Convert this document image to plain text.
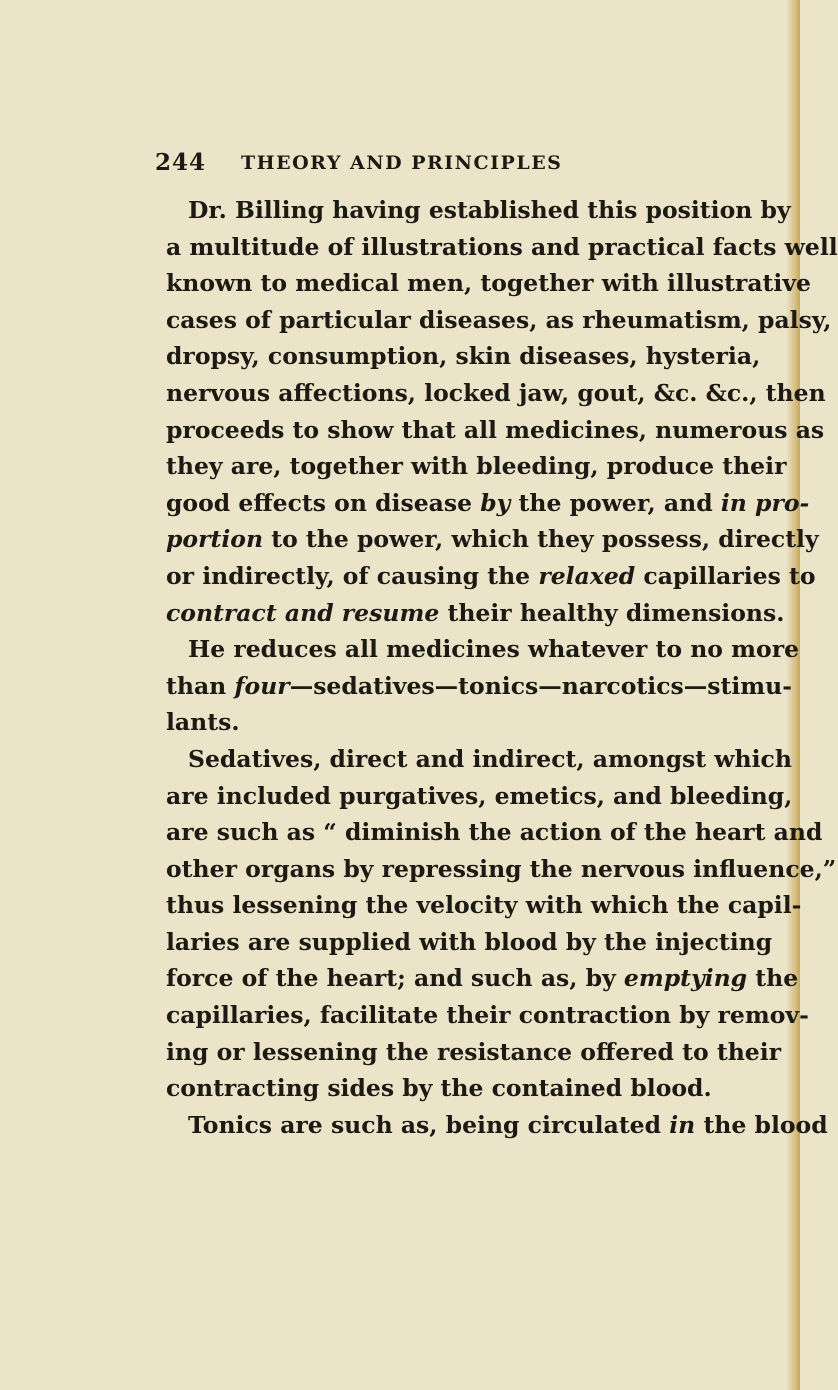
244 THEORY AND PRINCIPLES
Dr. Billing having established this position by
a multitude of illustrations and practical facts well
known to medical men, together with illustrative
cases of particular diseases, as rheumatism, palsy,
dropsy, consumption, skin diseases, hysteria,
nervous affections, locked jaw, gout, &c. &c., then
proceeds to show that all medicines, numerous as
they are, together with bleeding, produce their
good effects on disease by the power, and in pro-
portion to the power, which they possess, directly
or indirectly, of causing the relaxed capillaries to
contract and resume their healthy dimensions.
He reduces all medicines whatever to no more
than four—sedatives—tonics—narcotics—stimu-
lants.
Sedatives, direct and indirect, amongst which
are included purgatives, emetics, and bleeding,
are such as “ diminish the action of the heart and
other organs by repressing the nervous influence,”
thus lessening the velocity with which the capil-
laries are supplied with blood by the injecting
force of the heart; and such as, by emptying the
capillaries, facilitate their contraction by remov-
ing or lessening the resistance offered to their
contracting sides by the contained blood.
Tonics are such as, being circulated in the blood
